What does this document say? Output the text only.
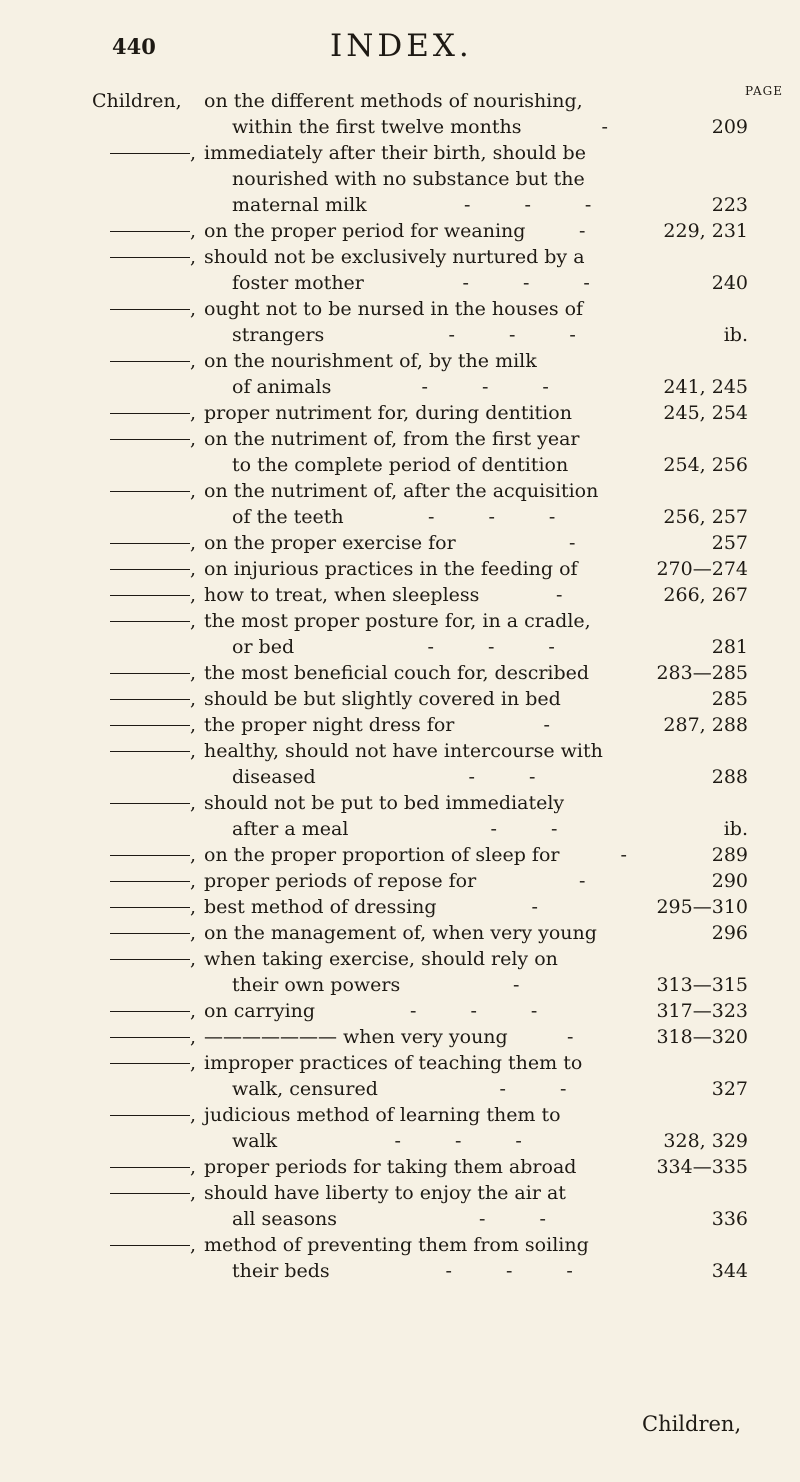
440	INDEX.
PAGE
Children, on the different methods of nourishing,
within the first twelve months	-	209
, immediately after their birth, should be
nourished with no substance but the
maternal milk	- - -	223
, on the proper period for weaning	-	229, 231
, should not be exclusively nurtured by a
foster mother	- - -	240
, ought not to be nursed in the houses of
strangers	- - -	ib.
, on the nourishment of, by the milk
of animals	- - -	241, 245
, proper nutriment for, during dentition	245, 254
, on the nutriment of, from the first year
to the complete period of dentition	254, 256
, on the nutriment of, after the acquisition
of the teeth	- - -	256, 257
, on the proper exercise for	-	257
, on injurious practices in the feeding of	270—274
, how to treat, when sleepless	-	266, 267
, the most proper posture for, in a cradle,
or bed	- - -	281
, the most beneficial couch for, described	283—285
, should be but slightly covered in bed	285
, the proper night dress for	-	287, 288
, healthy, should not have intercourse with
diseased	- -	288
, should not be put to bed immediately
after a meal	- -	ib.
, on the proper proportion of sleep for	-	289
, proper periods of repose for	-	290
, best method of dressing	-	295—310
, on the management of, when very young	296
, when taking exercise, should rely on
their own powers	-	313—315
, on carrying	- - -	317—323
, ——————— when very young	-	318—320
, improper practices of teaching them to
walk, censured	- -	327
, judicious method of learning them to
walk	- - -	328, 329
, proper periods for taking them abroad	334—335
, should have liberty to enjoy the air at
all seasons	- -	336
, method of preventing them from soiling
their beds	- - -	344
Children,
